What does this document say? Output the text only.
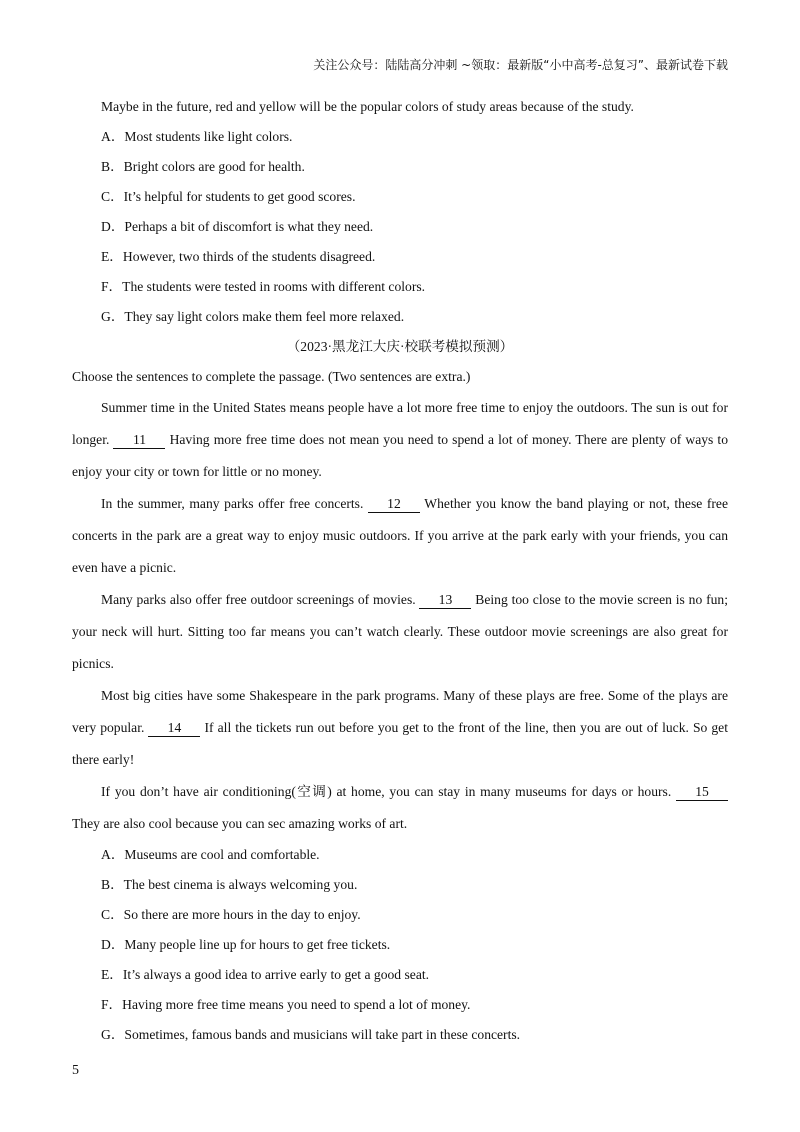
关注公众号：陆陆高分冲刺 ~领取：最新版“小中高考-总复习”、最新试卷下载
Maybe in the future, red and yellow will be the popular colors of study areas because of the study.
A．Most students like light colors.
B．Bright colors are good for health.
C．It’s helpful for students to get good scores.
D．Perhaps a bit of discomfort is what they need.
E．However, two thirds of the students disagreed.
F．The students were tested in rooms with different colors.
G．They say light colors make them feel more relaxed.
（2023·黑龙江大庆·校联考模拟预测）
Choose the sentences to complete the passage. (Two sentences are extra.)
Summer time in the United States means people have a lot more free time to enjoy the outdoors. The sun is out for longer. 11 Having more free time does not mean you need to spend a lot of money. There are plenty of ways to enjoy your city or town for little or no money.
In the summer, many parks offer free concerts. 12 Whether you know the band playing or not, these free concerts in the park are a great way to enjoy music outdoors. If you arrive at the park early with your friends, you can even have a picnic.
Many parks also offer free outdoor screenings of movies. 13 Being too close to the movie screen is no fun; your neck will hurt. Sitting too far means you can’t watch clearly. These outdoor movie screenings are also great for picnics.
Most big cities have some Shakespeare in the park programs. Many of these plays are free. Some of the plays are very popular. 14 If all the tickets run out before you get to the front of the line, then you are out of luck. So get there early!
If you don’t have air conditioning(空调) at home, you can stay in many museums for days or hours. 15 They are also cool because you can sec amazing works of art.
A．Museums are cool and comfortable.
B．The best cinema is always welcoming you.
C．So there are more hours in the day to enjoy.
D．Many people line up for hours to get free tickets.
E．It’s always a good idea to arrive early to get a good seat.
F．Having more free time means you need to spend a lot of money.
G．Sometimes, famous bands and musicians will take part in these concerts.
5
